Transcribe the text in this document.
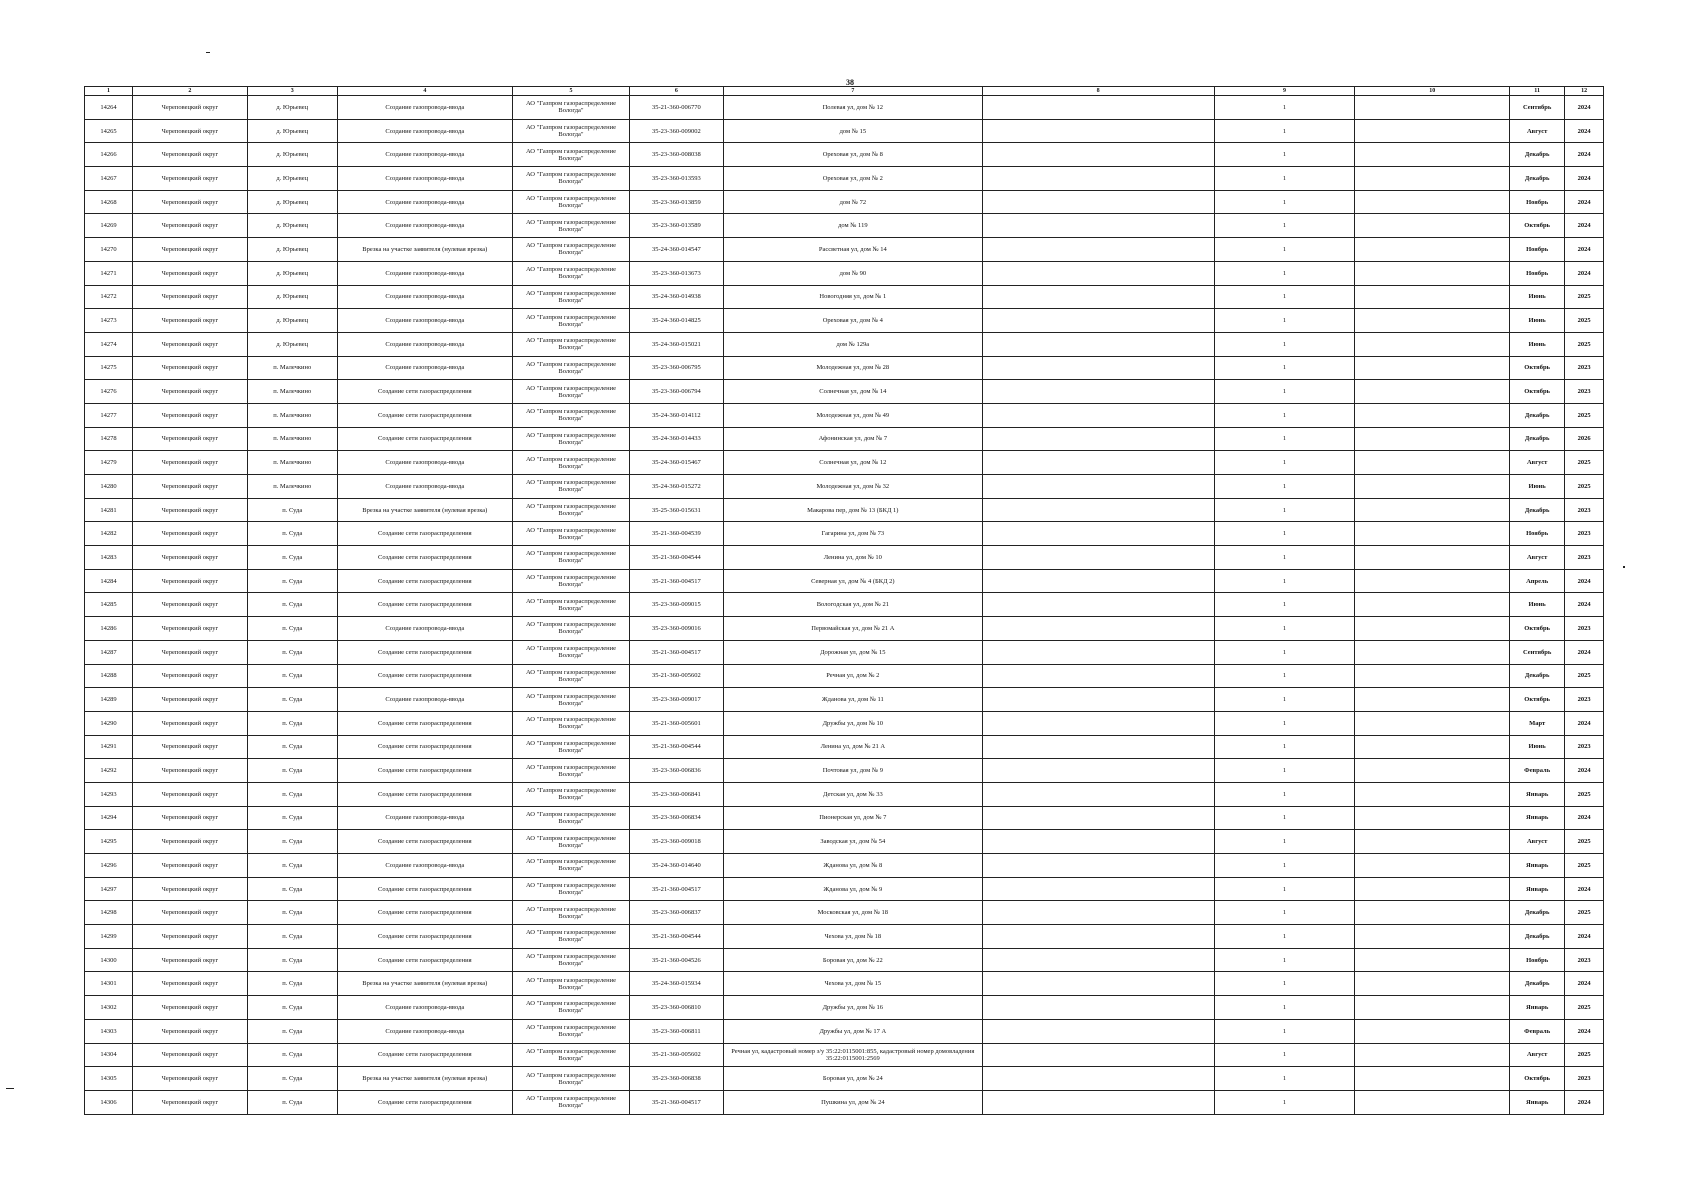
38
1	2	3	4	5	6	7	8	9	10	11	12
14264	Череповецкий округ	д. Юрьевец	Создание газопровода-ввода	АО "Газпром газораспределение Вологда"	35-21-360-006770	Полевая ул, дом № 12		1		Сентябрь	2024
14265	Череповецкий округ	д. Юрьевец	Создание газопровода-ввода	АО "Газпром газораспределение Вологда"	35-23-360-009002	дом № 15		1		Август	2024
14266	Череповецкий округ	д. Юрьевец	Создание газопровода-ввода	АО "Газпром газораспределение Вологда"	35-23-360-008038	Ореховая ул, дом № 8		1		Декабрь	2024
14267	Череповецкий округ	д. Юрьевец	Создание газопровода-ввода	АО "Газпром газораспределение Вологда"	35-23-360-013593	Ореховая ул, дом № 2		1		Декабрь	2024
14268	Череповецкий округ	д. Юрьевец	Создание газопровода-ввода	АО "Газпром газораспределение Вологда"	35-23-360-013859	дом № 72		1		Ноябрь	2024
14269	Череповецкий округ	д. Юрьевец	Создание газопровода-ввода	АО "Газпром газораспределение Вологда"	35-23-360-013589	дом № 119		1		Октябрь	2024
14270	Череповецкий округ	д. Юрьевец	Врезка на участке заявителя (нулевая врезка)	АО "Газпром газораспределение Вологда"	35-24-360-014547	Рассветная ул, дом № 14		1		Ноябрь	2024
14271	Череповецкий округ	д. Юрьевец	Создание газопровода-ввода	АО "Газпром газораспределение Вологда"	35-23-360-013673	дом № 90		1		Ноябрь	2024
14272	Череповецкий округ	д. Юрьевец	Создание газопровода-ввода	АО "Газпром газораспределение Вологда"	35-24-360-014938	Новогодняя ул, дом № 1		1		Июнь	2025
14273	Череповецкий округ	д. Юрьевец	Создание газопровода-ввода	АО "Газпром газораспределение Вологда"	35-24-360-014825	Ореховая ул, дом № 4		1		Июнь	2025
14274	Череповецкий округ	д. Юрьевец	Создание газопровода-ввода	АО "Газпром газораспределение Вологда"	35-24-360-015021	дом № 129а		1		Июнь	2025
14275	Череповецкий округ	п. Малечкино	Создание газопровода-ввода	АО "Газпром газораспределение Вологда"	35-23-360-006795	Молодежная ул, дом № 28		1		Октябрь	2023
14276	Череповецкий округ	п. Малечкино	Создание сети газораспределения	АО "Газпром газораспределение Вологда"	35-23-360-006794	Солнечная ул, дом № 14		1		Октябрь	2023
14277	Череповецкий округ	п. Малечкино	Создание сети газораспределения	АО "Газпром газораспределение Вологда"	35-24-360-014112	Молодежная ул, дом № 49		1		Декабрь	2025
14278	Череповецкий округ	п. Малечкино	Создание сети газораспределения	АО "Газпром газораспределение Вологда"	35-24-360-014433	Афонинская ул, дом № 7		1		Декабрь	2026
14279	Череповецкий округ	п. Малечкино	Создание газопровода-ввода	АО "Газпром газораспределение Вологда"	35-24-360-015467	Солнечная ул, дом № 12		1		Август	2025
14280	Череповецкий округ	п. Малечкино	Создание газопровода-ввода	АО "Газпром газораспределение Вологда"	35-24-360-015272	Молодежная ул, дом № 32		1		Июнь	2025
14281	Череповецкий округ	п. Суда	Врезка на участке заявителя (нулевая врезка)	АО "Газпром газораспределение Вологда"	35-25-360-015631	Макарова пер, дом № 13 (БКД 1)		1		Декабрь	2023
14282	Череповецкий округ	п. Суда	Создание сети газораспределения	АО "Газпром газораспределение Вологда"	35-21-360-004539	Гагарина ул, дом № 73		1		Ноябрь	2023
14283	Череповецкий округ	п. Суда	Создание сети газораспределения	АО "Газпром газораспределение Вологда"	35-21-360-004544	Ленина ул, дом № 10		1		Август	2023
14284	Череповецкий округ	п. Суда	Создание сети газораспределения	АО "Газпром газораспределение Вологда"	35-21-360-004517	Северная ул, дом № 4 (БКД 2)		1		Апрель	2024
14285	Череповецкий округ	п. Суда	Создание сети газораспределения	АО "Газпром газораспределение Вологда"	35-23-360-009015	Вологодская ул, дом № 21		1		Июнь	2024
14286	Череповецкий округ	п. Суда	Создание газопровода-ввода	АО "Газпром газораспределение Вологда"	35-23-360-009016	Первомайская ул, дом № 21 А		1		Октябрь	2023
14287	Череповецкий округ	п. Суда	Создание сети газораспределения	АО "Газпром газораспределение Вологда"	35-21-360-004517	Дорожная ул, дом № 15		1		Сентябрь	2024
14288	Череповецкий округ	п. Суда	Создание сети газораспределения	АО "Газпром газораспределение Вологда"	35-21-360-005602	Речная ул, дом № 2		1		Декабрь	2025
14289	Череповецкий округ	п. Суда	Создание газопровода-ввода	АО "Газпром газораспределение Вологда"	35-23-360-009017	Жданова ул, дом № 11		1		Октябрь	2023
14290	Череповецкий округ	п. Суда	Создание сети газораспределения	АО "Газпром газораспределение Вологда"	35-21-360-005601	Дружбы ул, дом № 10		1		Март	2024
14291	Череповецкий округ	п. Суда	Создание сети газораспределения	АО "Газпром газораспределение Вологда"	35-21-360-004544	Ленина ул, дом № 21 А		1		Июнь	2023
14292	Череповецкий округ	п. Суда	Создание сети газораспределения	АО "Газпром газораспределение Вологда"	35-23-360-006836	Почтовая ул, дом № 9		1		Февраль	2024
14293	Череповецкий округ	п. Суда	Создание сети газораспределения	АО "Газпром газораспределение Вологда"	35-23-360-006841	Детская ул, дом № 33		1		Январь	2025
14294	Череповецкий округ	п. Суда	Создание газопровода-ввода	АО "Газпром газораспределение Вологда"	35-23-360-006834	Пионерская ул, дом № 7		1		Январь	2024
14295	Череповецкий округ	п. Суда	Создание сети газораспределения	АО "Газпром газораспределение Вологда"	35-23-360-009018	Заводская ул, дом № 54		1		Август	2025
14296	Череповецкий округ	п. Суда	Создание газопровода-ввода	АО "Газпром газораспределение Вологда"	35-24-360-014640	Жданова ул, дом № 8		1		Январь	2025
14297	Череповецкий округ	п. Суда	Создание сети газораспределения	АО "Газпром газораспределение Вологда"	35-21-360-004517	Жданова ул, дом № 9		1		Январь	2024
14298	Череповецкий округ	п. Суда	Создание сети газораспределения	АО "Газпром газораспределение Вологда"	35-23-360-006837	Московская ул, дом № 18		1		Декабрь	2025
14299	Череповецкий округ	п. Суда	Создание сети газораспределения	АО "Газпром газораспределение Вологда"	35-21-360-004544	Чехова ул, дом № 18		1		Декабрь	2024
14300	Череповецкий округ	п. Суда	Создание сети газораспределения	АО "Газпром газораспределение Вологда"	35-21-360-004526	Боровая ул, дом № 22		1		Ноябрь	2023
14301	Череповецкий округ	п. Суда	Врезка на участке заявителя (нулевая врезка)	АО "Газпром газораспределение Вологда"	35-24-360-015934	Чехова ул, дом № 15		1		Декабрь	2024
14302	Череповецкий округ	п. Суда	Создание газопровода-ввода	АО "Газпром газораспределение Вологда"	35-23-360-006810	Дружбы ул, дом № 16		1		Январь	2025
14303	Череповецкий округ	п. Суда	Создание газопровода-ввода	АО "Газпром газораспределение Вологда"	35-23-360-006811	Дружбы ул, дом № 17 А		1		Февраль	2024
14304	Череповецкий округ	п. Суда	Создание сети газораспределения	АО "Газпром газораспределение Вологда"	35-21-360-005602	Речная ул, кадастровый номер з/у 35:22:0115001:855, кадастровый номер домовладения 35:22:0115001:2569		1		Август	2025
14305	Череповецкий округ	п. Суда	Врезка на участке заявителя (нулевая врезка)	АО "Газпром газораспределение Вологда"	35-23-360-006838	Боровая ул, дом № 24		1		Октябрь	2023
14306	Череповецкий округ	п. Суда	Создание сети газораспределения	АО "Газпром газораспределение Вологда"	35-21-360-004517	Пушкина ул, дом № 24		1		Январь	2024
